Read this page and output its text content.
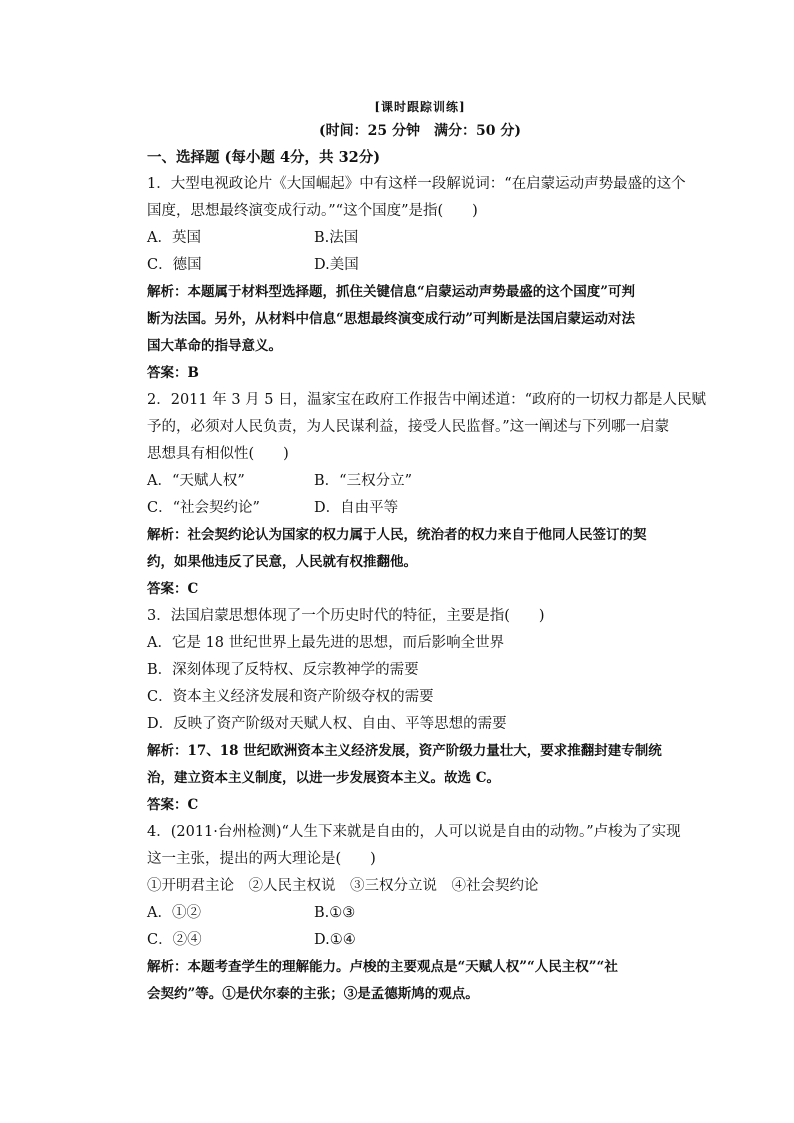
[课时跟踪训练]
(时间：25 分钟　满分：50 分)
一、选择题 (每小题 4分，共 32分)
1．大型电视政论片《大国崛起》中有这样一段解说词：“在启蒙运动声势最盛的这个
国度，思想最终演变成行动。”“这个国度”是指(　　)
A．英国	B.法国
C．德国	D.美国
解析：本题属于材料型选择题，抓住关键信息“启蒙运动声势最盛的这个国度”可判
断为法国。另外，从材料中信息“思想最终演变成行动”可判断是法国启蒙运动对法
国大革命的指导意义。
答案：B
2．2011 年 3 月 5 日，温家宝在政府工作报告中阐述道：“政府的一切权力都是人民赋
予的，必须对人民负责，为人民谋利益，接受人民监督。”这一阐述与下列哪一启蒙
思想具有相似性(　　)
A．“天赋人权”	B．“三权分立”
C．“社会契约论”	D．自由平等
解析：社会契约论认为国家的权力属于人民，统治者的权力来自于他同人民签订的契
约，如果他违反了民意，人民就有权推翻他。
答案：C
3．法国启蒙思想体现了一个历史时代的特征，主要是指(　　)
A．它是 18 世纪世界上最先进的思想，而后影响全世界
B．深刻体现了反特权、反宗教神学的需要
C．资本主义经济发展和资产阶级夺权的需要
D．反映了资产阶级对天赋人权、自由、平等思想的需要
解析：17、18 世纪欧洲资本主义经济发展，资产阶级力量壮大，要求推翻封建专制统
治，建立资本主义制度，以进一步发展资本主义。故选 C。
答案：C
4．(2011·台州检测)“人生下来就是自由的，人可以说是自由的动物。”卢梭为了实现
这一主张，提出的两大理论是(　　)
①开明君主论　②人民主权说　③三权分立说　④社会契约论
A．①②	B.①③
C．②④	D.①④
解析：本题考查学生的理解能力。卢梭的主要观点是“天赋人权”“人民主权”“社
会契约”等。①是伏尔泰的主张；③是孟德斯鸠的观点。
